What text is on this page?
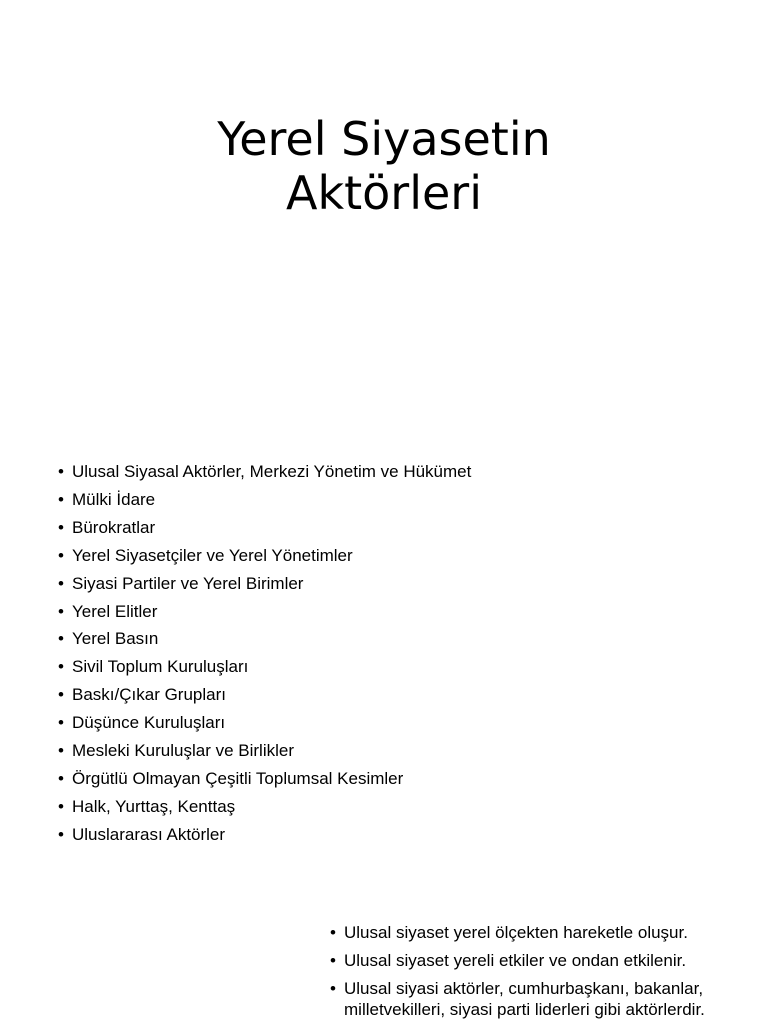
Yerel Siyasetin
Aktörleri
• Ulusal Siyasal Aktörler, Merkezi Yönetim ve Hükümet
• Mülki İdare
• Bürokratlar
• Yerel Siyasetçiler ve Yerel Yönetimler
• Siyasi Partiler ve Yerel Birimler
• Yerel Elitler
• Yerel Basın
• Sivil Toplum Kuruluşları
• Baskı/Çıkar Grupları
• Düşünce Kuruluşları
• Mesleki Kuruluşlar ve Birlikler
• Örgütlü Olmayan Çeşitli Toplumsal Kesimler
• Halk, Yurttaş, Kenttaş
• Uluslararası Aktörler
• Ulusal siyaset yerel ölçekten hareketle oluşur.
• Ulusal siyaset yereli etkiler ve ondan etkilenir.
• Ulusal siyasi aktörler, cumhurbaşkanı, bakanlar, milletvekilleri, siyasi parti liderleri gibi aktörlerdir.
